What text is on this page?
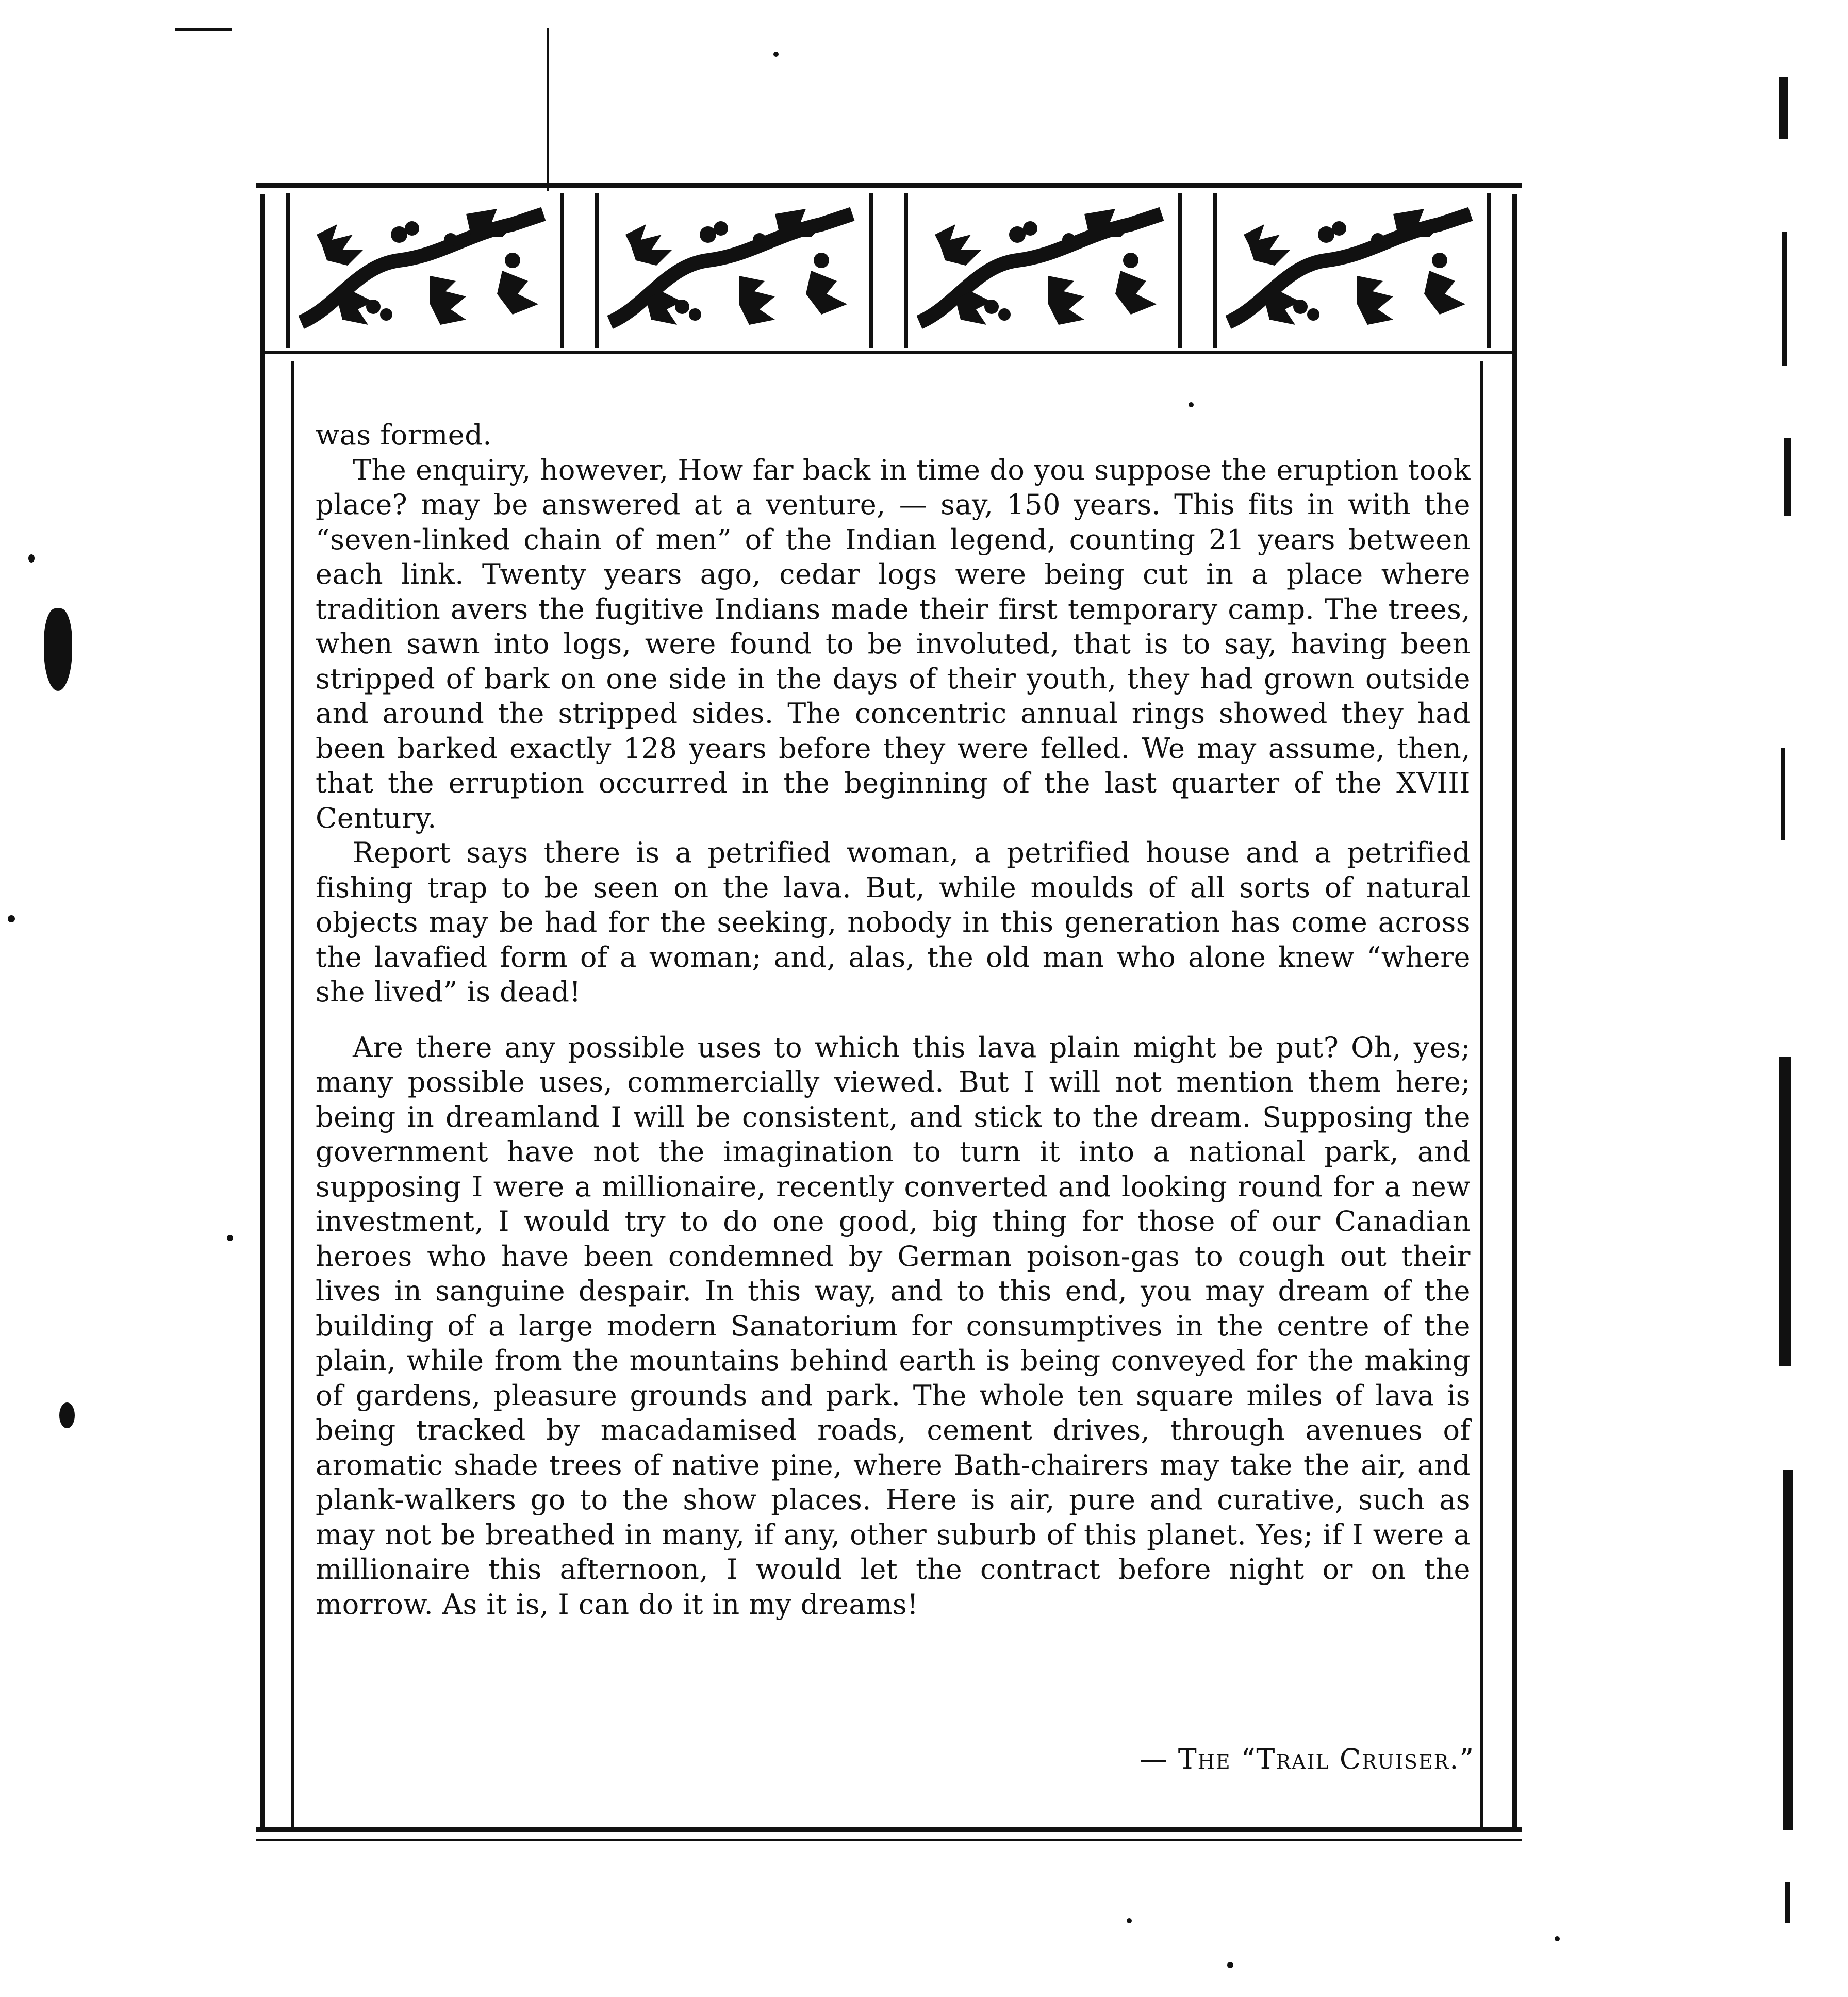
was formed.

The enquiry, however, How far back in time do you suppose the eruption took place? may be answered at a venture, — say, 150 years. This fits in with the “seven-linked chain of men” of the Indian legend, counting 21 years between each link. Twenty years ago, cedar logs were being cut in a place where tradition avers the fugitive Indians made their first temporary camp. The trees, when sawn into logs, were found to be involuted, that is to say, having been stripped of bark on one side in the days of their youth, they had grown outside and around the stripped sides. The concentric annual rings showed they had been barked exactly 128 years before they were felled. We may assume, then, that the erruption occurred in the beginning of the last quarter of the XVIII Century.

Report says there is a petrified woman, a petrified house and a petrified fishing trap to be seen on the lava. But, while moulds of all sorts of natural objects may be had for the seeking, nobody in this generation has come across the lavafied form of a woman; and, alas, the old man who alone knew “where she lived” is dead!

Are there any possible uses to which this lava plain might be put? Oh, yes; many possible uses, commercially viewed. But I will not mention them here; being in dreamland I will be consistent, and stick to the dream. Supposing the government have not the imagination to turn it into a national park, and supposing I were a millionaire, recently converted and looking round for a new investment, I would try to do one good, big thing for those of our Canadian heroes who have been condemned by German poison-gas to cough out their lives in sanguine despair. In this way, and to this end, you may dream of the building of a large modern Sanatorium for consumptives in the centre of the plain, while from the mountains behind earth is being conveyed for the making of gardens, pleasure grounds and park. The whole ten square miles of lava is being tracked by macadamised roads, cement drives, through avenues of aromatic shade trees of native pine, where Bath-chairers may take the air, and plank-walkers go to the show places. Here is air, pure and curative, such as may not be breathed in many, if any, other suburb of this planet. Yes; if I were a millionaire this afternoon, I would let the contract before night or on the morrow. As it is, I can do it in my dreams!

— The “Trail Cruiser.”
